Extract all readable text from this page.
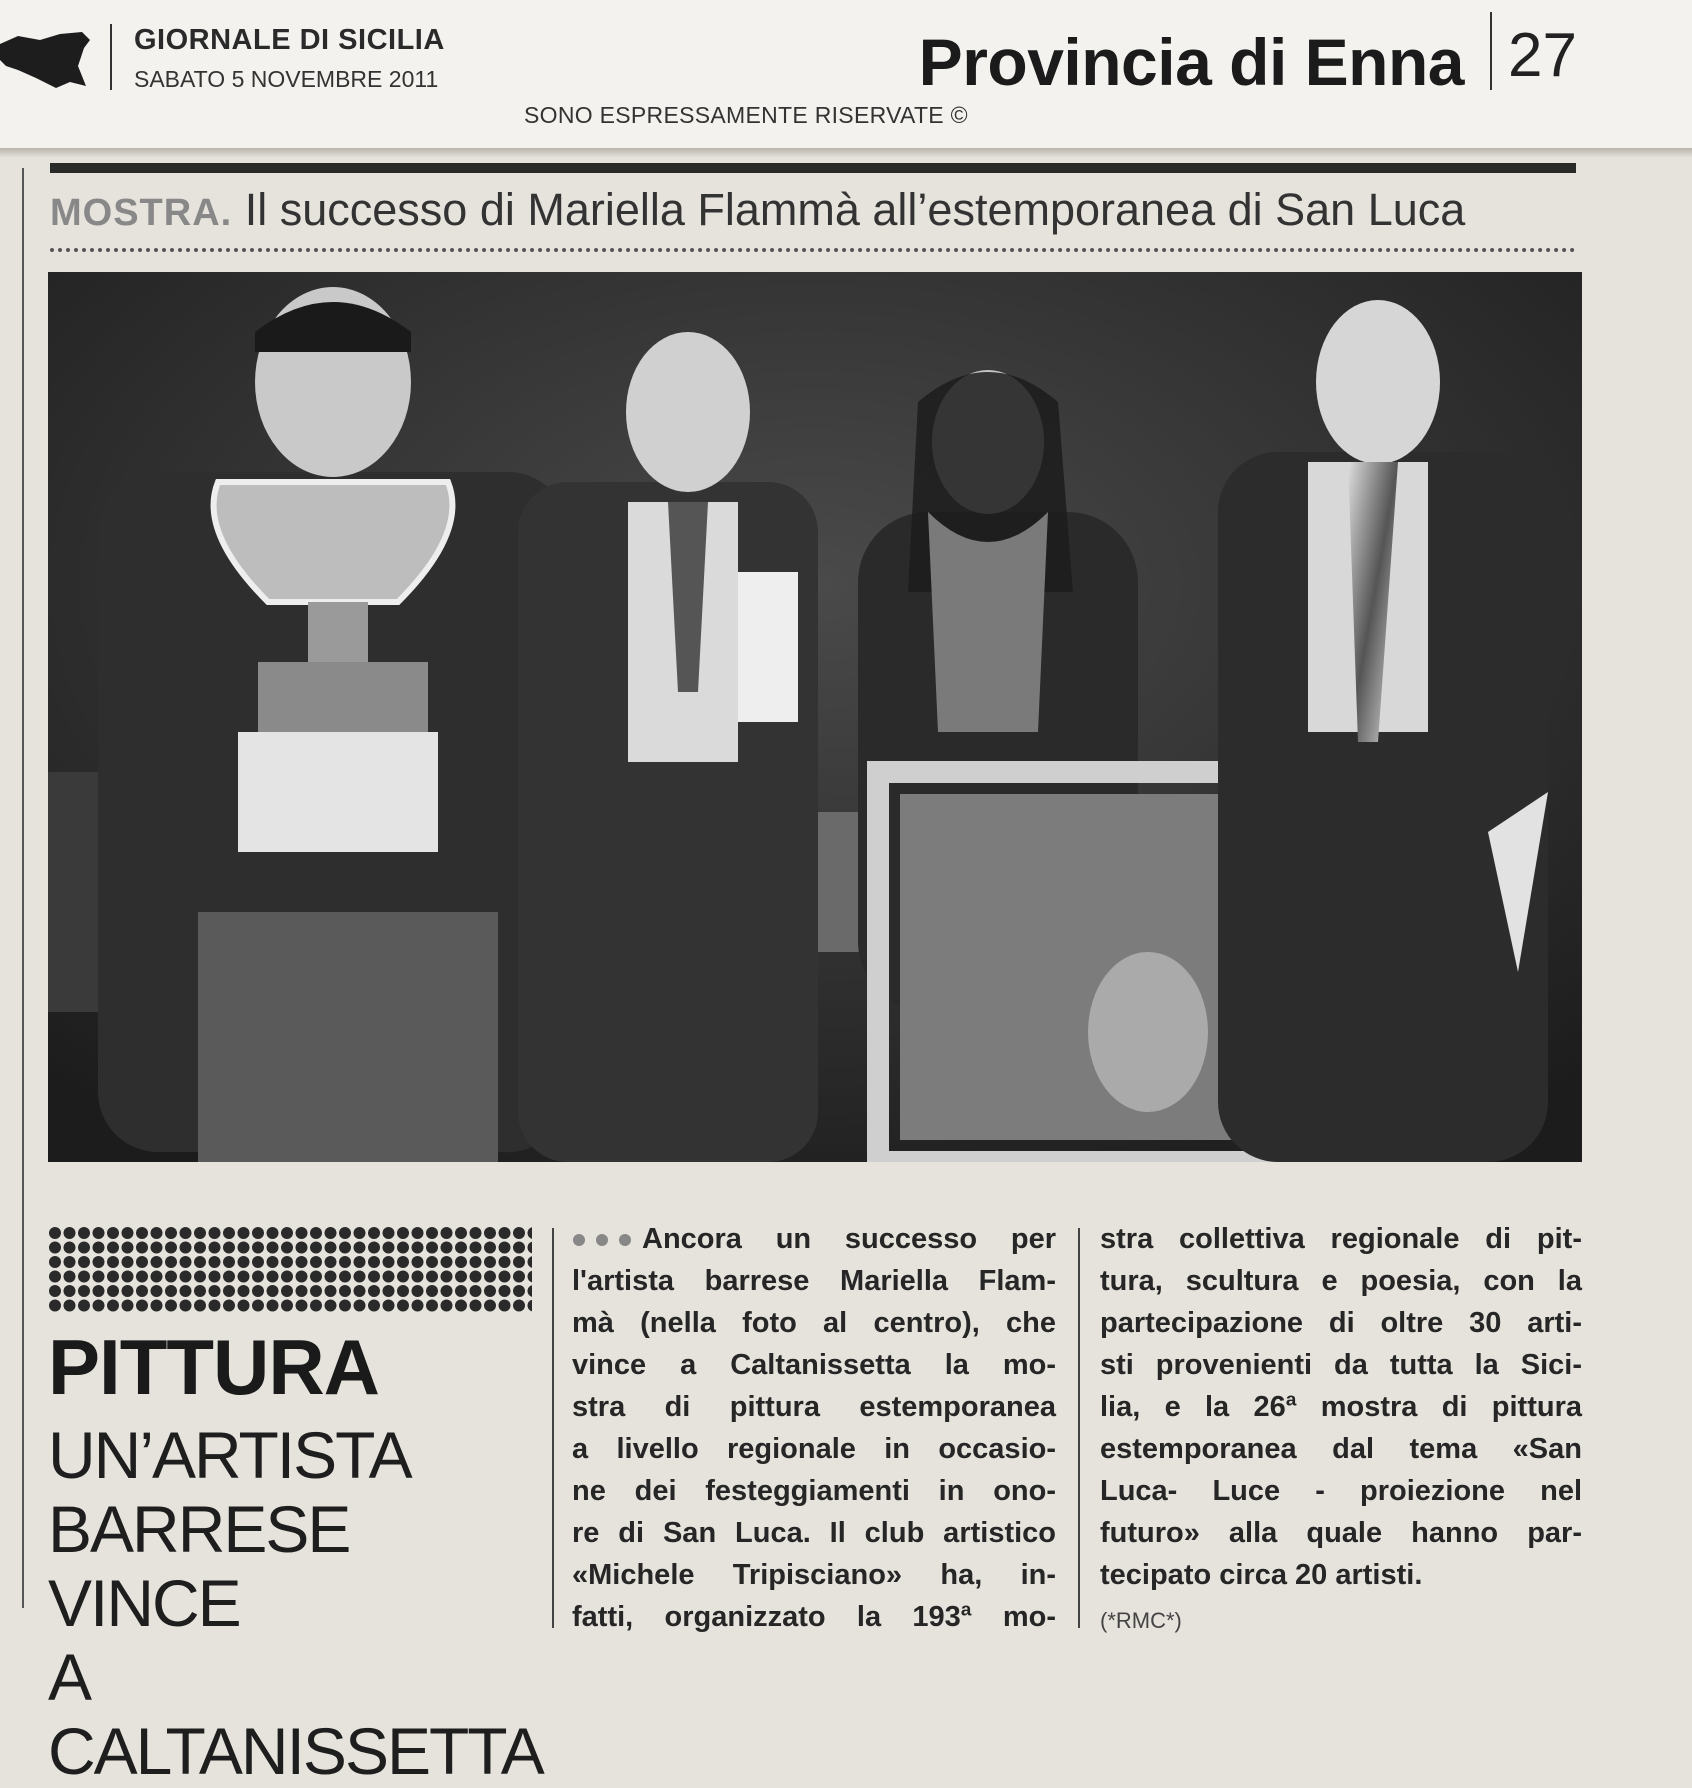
GIORNALE DI SICILIA
SABATO 5 NOVEMBRE 2011	Provincia di Enna 27
SONO ESPRESSAMENTE RISERVATE ©
MOSTRA. Il successo di Mariella Flammà all’estemporanea di San Luca
PITTURA
UN’ARTISTA
BARRESE VINCE
A CALTANISSETTA
Ancora un successo per
l'artista barrese Mariella Flam-
mà (nella foto al centro), che
vince a Caltanissetta la mo-
stra di pittura estemporanea
a livello regionale in occasio-
ne dei festeggiamenti in ono-
re di San Luca. Il club artistico
«Michele Tripisciano» ha, in-
fatti, organizzato la 193ª mo-
stra collettiva regionale di pit-
tura, scultura e poesia, con la
partecipazione di oltre 30 arti-
sti provenienti da tutta la Sici-
lia, e la 26ª mostra di pittura
estemporanea dal tema «San
Luca- Luce - proiezione nel
futuro» alla quale hanno par-
tecipato circa 20 artisti.
(*RMC*)
